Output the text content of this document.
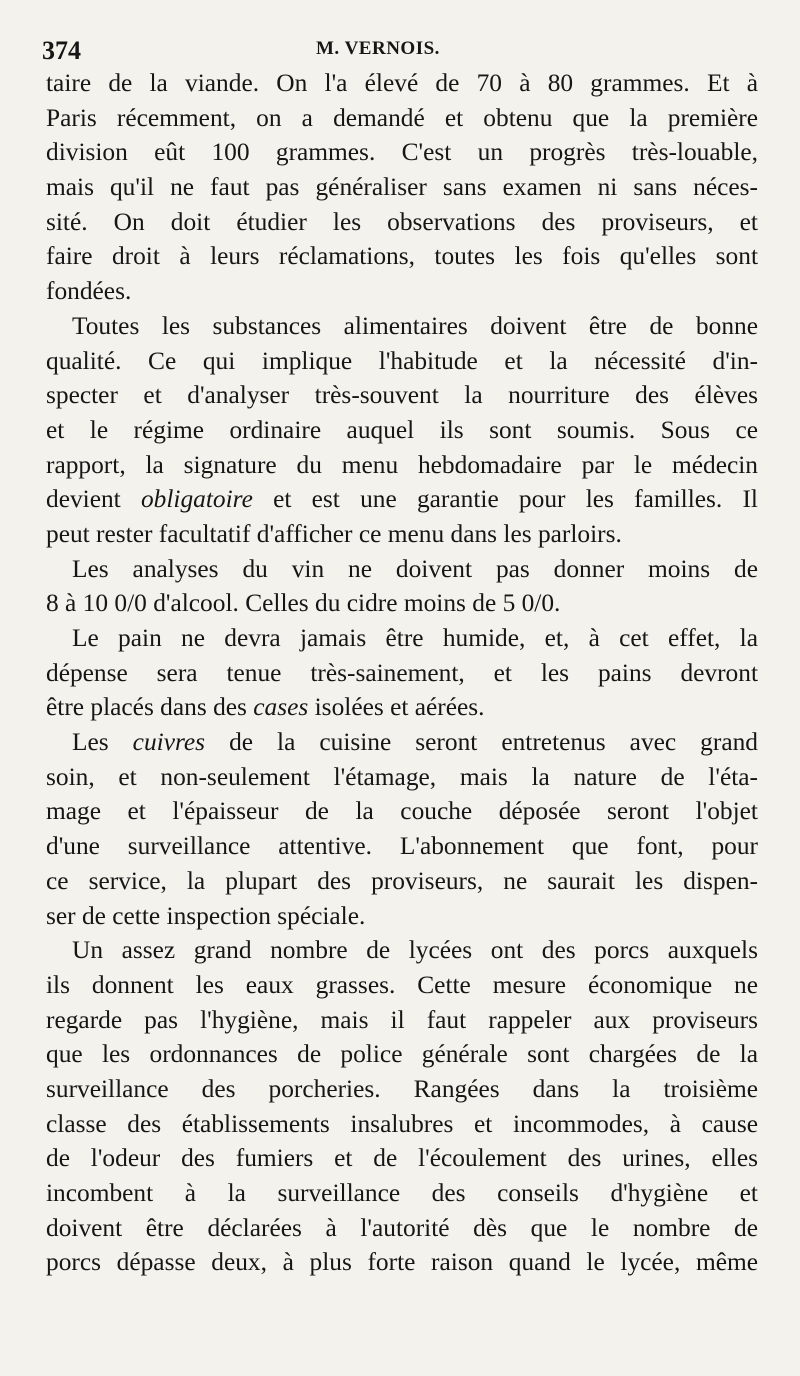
374	M. VERNOIS.
taire de la viande. On l'a élevé de 70 à 80 grammes. Et à
Paris récemment, on a demandé et obtenu que la première
division eût 100 grammes. C'est un progrès très-louable,
mais qu'il ne faut pas généraliser sans examen ni sans néces-
sité. On doit étudier les observations des proviseurs, et
faire droit à leurs réclamations, toutes les fois qu'elles sont
fondées.
Toutes les substances alimentaires doivent être de bonne
qualité. Ce qui implique l'habitude et la nécessité d'in-
specter et d'analyser très-souvent la nourriture des élèves
et le régime ordinaire auquel ils sont soumis. Sous ce
rapport, la signature du menu hebdomadaire par le médecin
devient obligatoire et est une garantie pour les familles. Il
peut rester facultatif d'afficher ce menu dans les parloirs.
Les analyses du vin ne doivent pas donner moins de
8 à 10 0/0 d'alcool. Celles du cidre moins de 5 0/0.
Le pain ne devra jamais être humide, et, à cet effet, la
dépense sera tenue très-sainement, et les pains devront
être placés dans des cases isolées et aérées.
Les cuivres de la cuisine seront entretenus avec grand
soin, et non-seulement l'étamage, mais la nature de l'éta-
mage et l'épaisseur de la couche déposée seront l'objet
d'une surveillance attentive. L'abonnement que font, pour
ce service, la plupart des proviseurs, ne saurait les dispen-
ser de cette inspection spéciale.
Un assez grand nombre de lycées ont des porcs auxquels
ils donnent les eaux grasses. Cette mesure économique ne
regarde pas l'hygiène, mais il faut rappeler aux proviseurs
que les ordonnances de police générale sont chargées de la
surveillance des porcheries. Rangées dans la troisième
classe des établissements insalubres et incommodes, à cause
de l'odeur des fumiers et de l'écoulement des urines, elles
incombent à la surveillance des conseils d'hygiène et
doivent être déclarées à l'autorité dès que le nombre de
porcs dépasse deux, à plus forte raison quand le lycée, même
